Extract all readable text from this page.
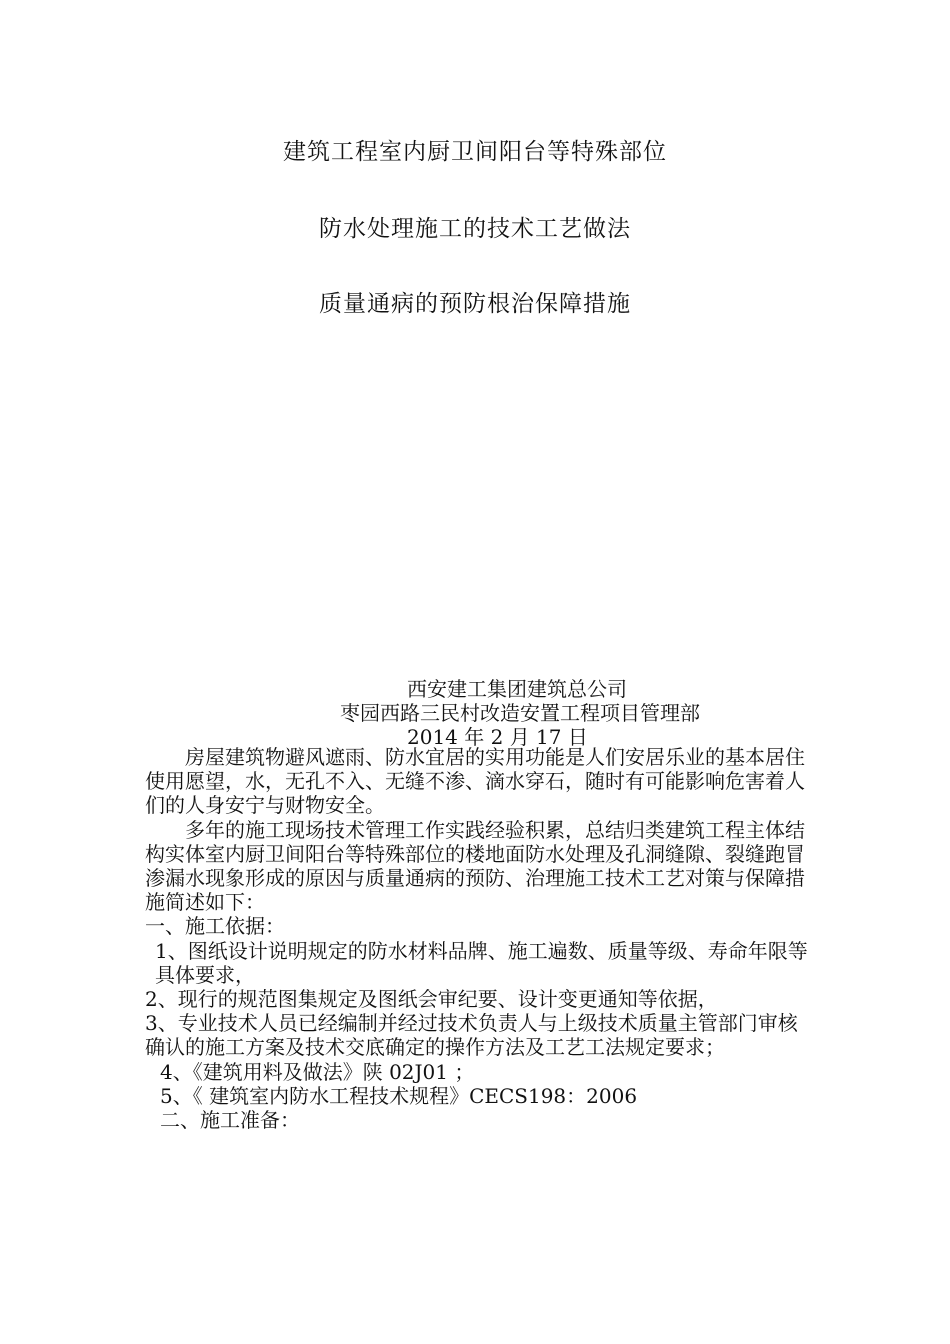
建筑工程室内厨卫间阳台等特殊部位
防水处理施工的技术工艺做法
质量通病的预防根治保障措施
西安建工集团建筑总公司
枣园西路三民村改造安置工程项目管理部
2014 年 2 月 17 日

房屋建筑物避风遮雨、防水宜居的实用功能是人们安居乐业的基本居住使用愿望，水，无孔不入、无缝不渗、滴水穿石，随时有可能影响危害着人们的人身安宁与财物安全。

多年的施工现场技术管理工作实践经验积累，总结归类建筑工程主体结构实体室内厨卫间阳台等特殊部位的楼地面防水处理及孔洞缝隙、裂缝跑冒渗漏水现象形成的原因与质量通病的预防、治理施工技术工艺对策与保障措施简述如下：

一、施工依据：

1、图纸设计说明规定的防水材料品牌、施工遍数、质量等级、寿命年限等具体要求，

2、现行的规范图集规定及图纸会审纪要、设计变更通知等依据，

3、专业技术人员已经编制并经过技术负责人与上级技术质量主管部门审核确认的施工方案及技术交底确定的操作方法及工艺工法规定要求；

4、《建筑用料及做法》陕 02J01 ；

5、《 建筑室内防水工程技术规程》CECS198：2006

二、施工准备：
